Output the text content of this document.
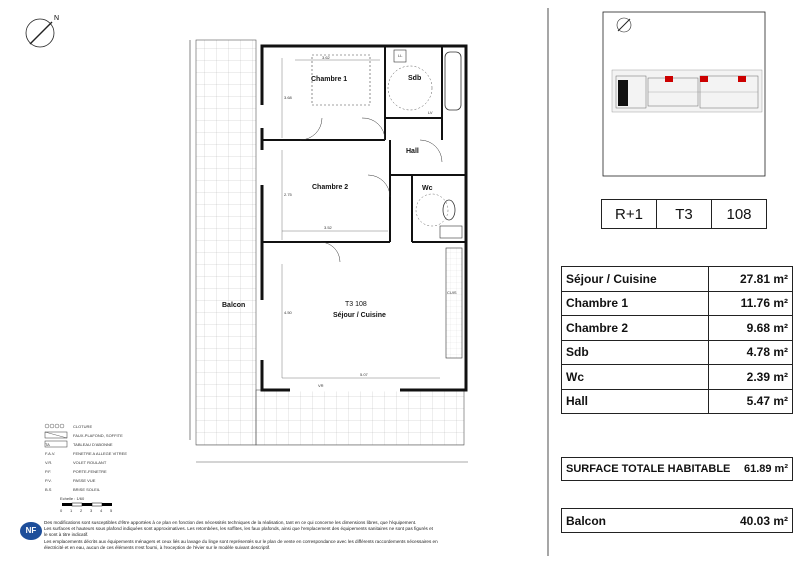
N
Chambre 1	Sdb
Hall
Chambre 2	Wc
Balcon	T3 108
Séjour / Cuisine
3.62
3.52
5.07
4.50
3.68
2.75
LL
LV
VR
CUIS
CLOTURE
FAUX-PLAFOND, SOFFITE
TA	TABLEAU D'ABONNE
F.A.V.	FENETRE A ALLEGE VITREE
V.R.	VOLET ROULANT
P.F.	PORTE-FENETRE
P.V.	PASSE VUE
B.S	BRISE SOLEIL
Echelle : 1/60
0 1 2 3 4 5
NF
Des modifications sont susceptibles d'être apportées à ce plan en fonction des nécessités techniques de la réalisation, tant en ce qui concerne les dimensions libres, que l'équipement.
Les surfaces et hauteurs sous plafond indiquées sont approximatives. Les retombées, les soffites, les faux plafonds, ainsi que l'emplacement des équipements sanitaires ne sont pas figurés et
le sont à titre indicatif.
Les emplacements décrits aux équipements ménagers et ceux liés au lavage du linge sont représentés sur le plan de vente en correspondance avec les différents raccordements nécessaires en
électricité et en eau, aucun de ces éléments n'est fourni, à l'exception de l'évier sur le modèle suivant descriptif.
R+1	T3	108
Séjour / Cuisine	27.81 m²
Chambre 1	11.76 m²
Chambre 2	9.68 m²
Sdb	4.78 m²
Wc	2.39 m²
Hall	5.47 m²
SURFACE TOTALE HABITABLE 61.89 m²
Balcon	40.03 m²
